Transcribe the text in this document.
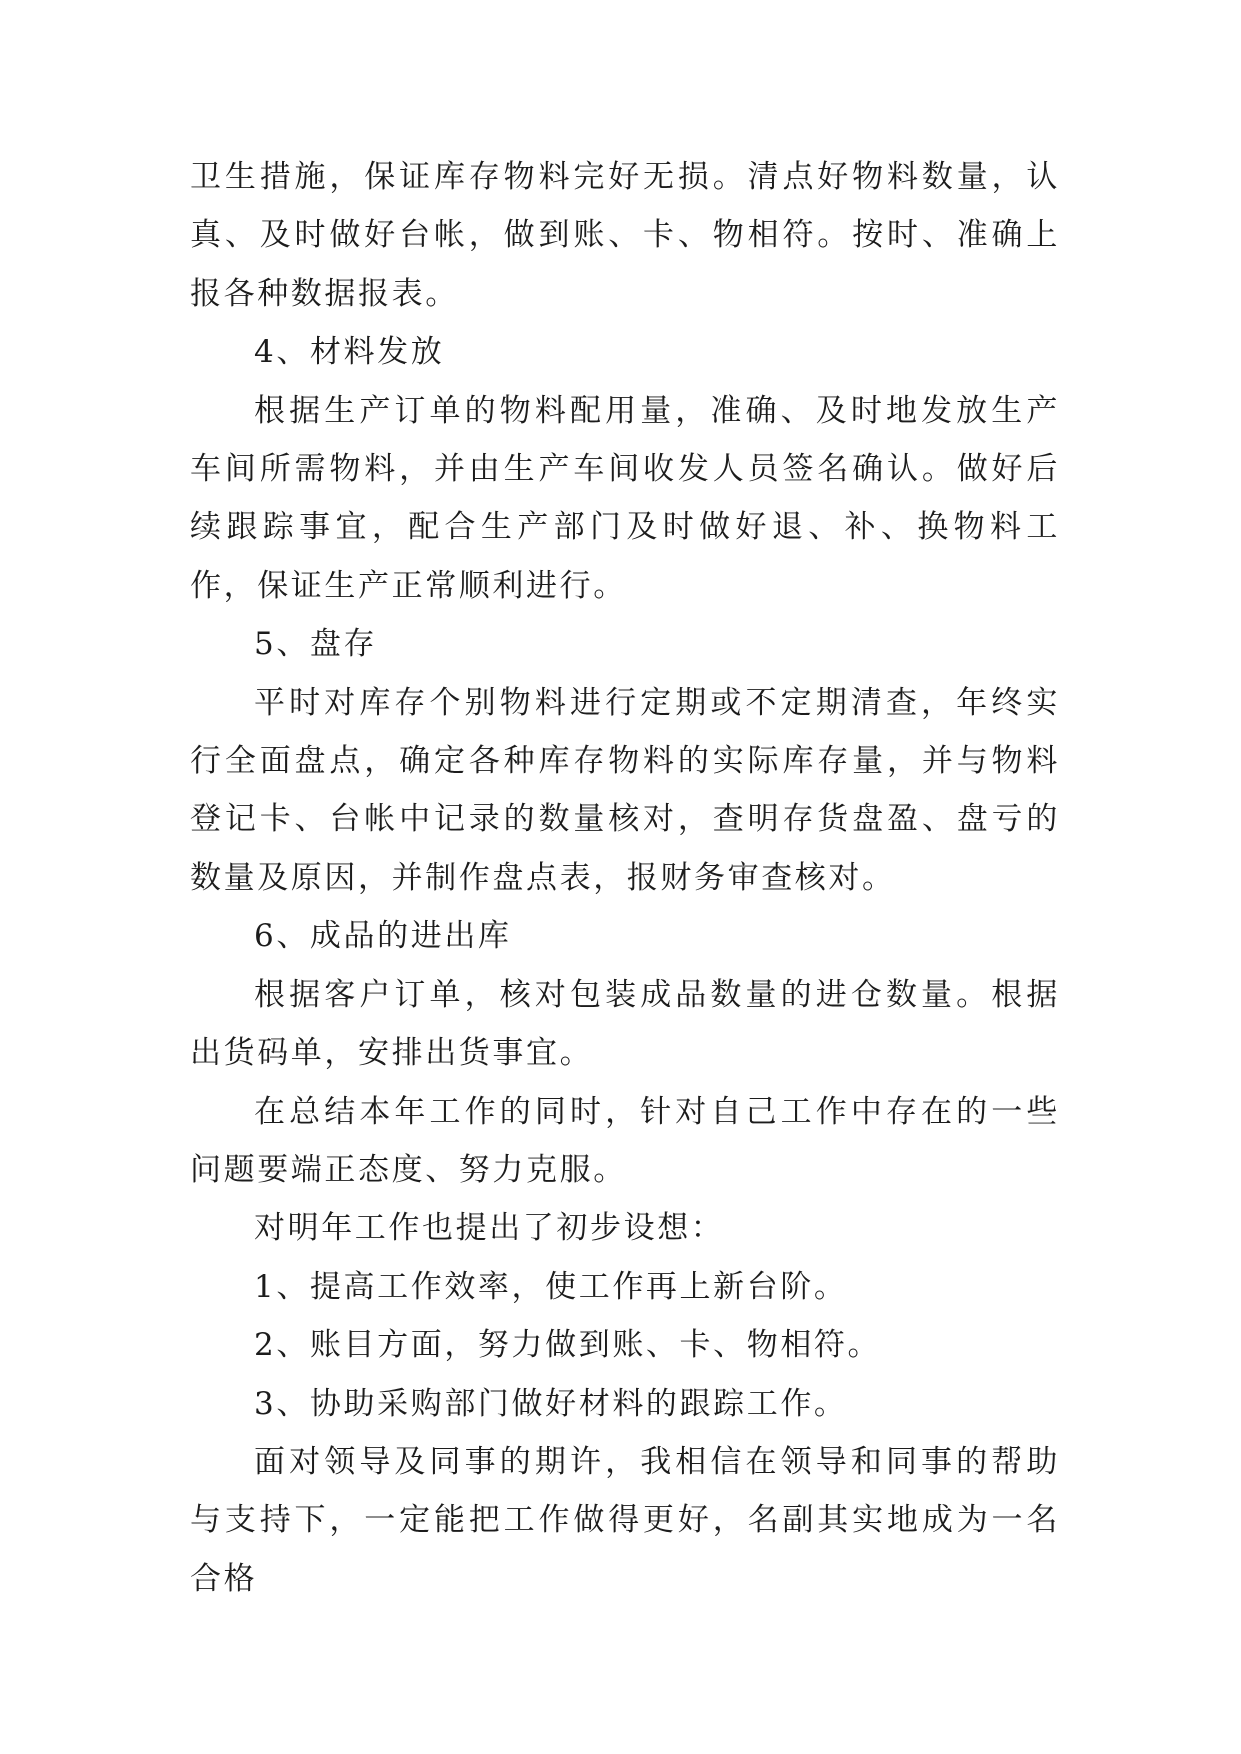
卫生措施，保证库存物料完好无损。清点好物料数量，认真、及时做好台帐，做到账、卡、物相符。按时、准确上报各种数据报表。

4、材料发放

根据生产订单的物料配用量，准确、及时地发放生产车间所需物料，并由生产车间收发人员签名确认。做好后续跟踪事宜，配合生产部门及时做好退、补、换物料工作，保证生产正常顺利进行。

5、盘存

平时对库存个别物料进行定期或不定期清查，年终实行全面盘点，确定各种库存物料的实际库存量，并与物料登记卡、台帐中记录的数量核对，查明存货盘盈、盘亏的数量及原因，并制作盘点表，报财务审查核对。

6、成品的进出库

根据客户订单，核对包装成品数量的进仓数量。根据出货码单，安排出货事宜。

在总结本年工作的同时，针对自己工作中存在的一些问题要端正态度、努力克服。

对明年工作也提出了初步设想：

1、提高工作效率，使工作再上新台阶。

2、账目方面，努力做到账、卡、物相符。

3、协助采购部门做好材料的跟踪工作。

面对领导及同事的期许，我相信在领导和同事的帮助与支持下，一定能把工作做得更好，名副其实地成为一名合格
